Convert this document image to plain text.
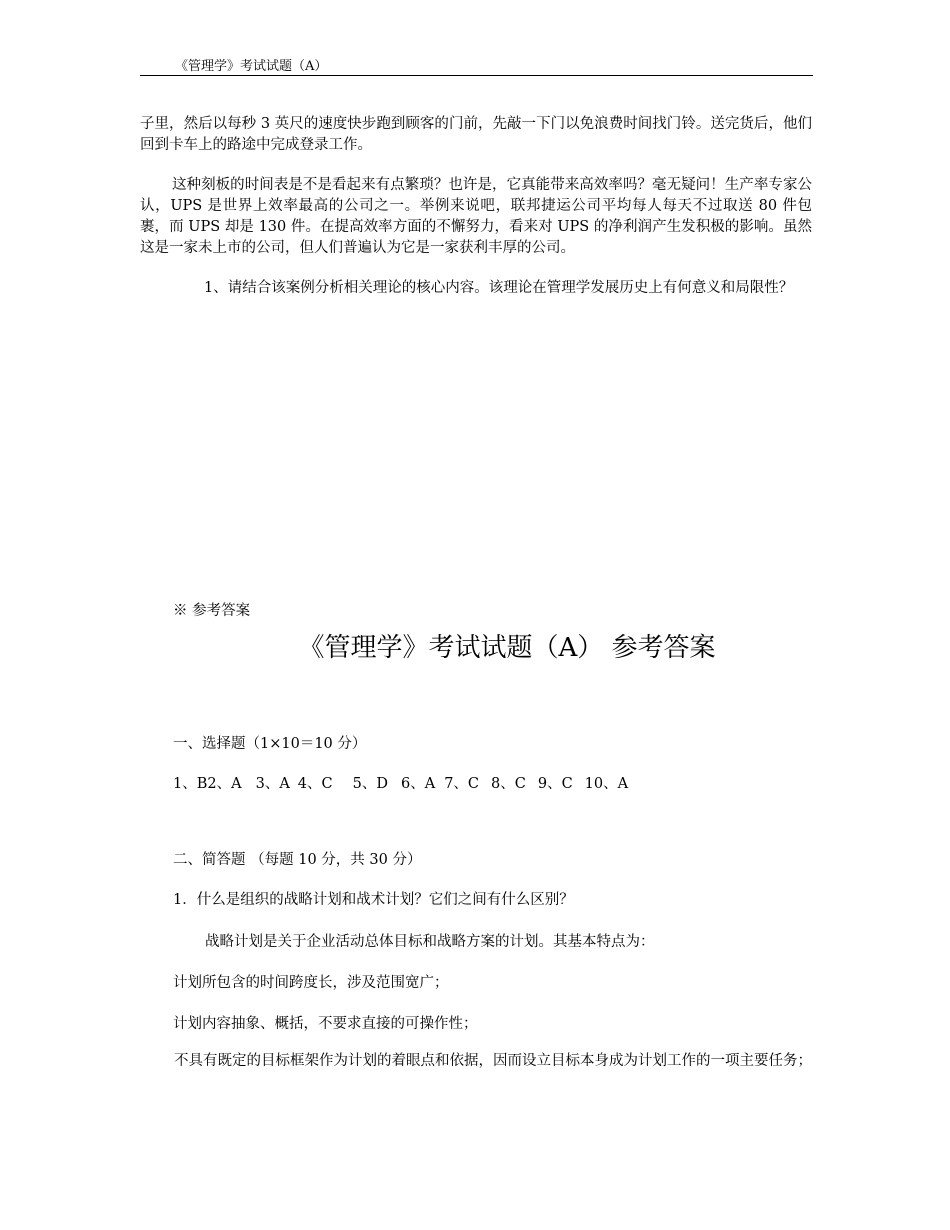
《管理学》考试试题（A）

子里，然后以每秒 3 英尺的速度快步跑到顾客的门前，先敲一下门以免浪费时间找门铃。送完货后，他们回到卡车上的路途中完成登录工作。

这种刻板的时间表是不是看起来有点繁琐？也许是，它真能带来高效率吗？毫无疑问！生产率专家公认，UPS 是世界上效率最高的公司之一。举例来说吧，联邦捷运公司平均每人每天不过取送 80 件包裹，而 UPS 却是 130 件。在提高效率方面的不懈努力，看来对 UPS 的净利润产生发积极的影响。虽然这是一家未上市的公司，但人们普遍认为它是一家获利丰厚的公司。

1、请结合该案例分析相关理论的核心内容。该理论在管理学发展历史上有何意义和局限性？

※ 参考答案
《管理学》考试试题（A） 参考答案
一、选择题（1×10＝10 分）
1、B 2、A 3、A 4、C 5、D 6、A 7、C 8、C 9、C 10、A
二、简答题 （每题 10 分，共 30 分）
1．什么是组织的战略计划和战术计划？它们之间有什么区别？
战略计划是关于企业活动总体目标和战略方案的计划。其基本特点为：
计划所包含的时间跨度长，涉及范围宽广；
计划内容抽象、概括，不要求直接的可操作性；

不具有既定的目标框架作为计划的着眼点和依据，因而设立目标本身成为计划工作的一项主要任务；
